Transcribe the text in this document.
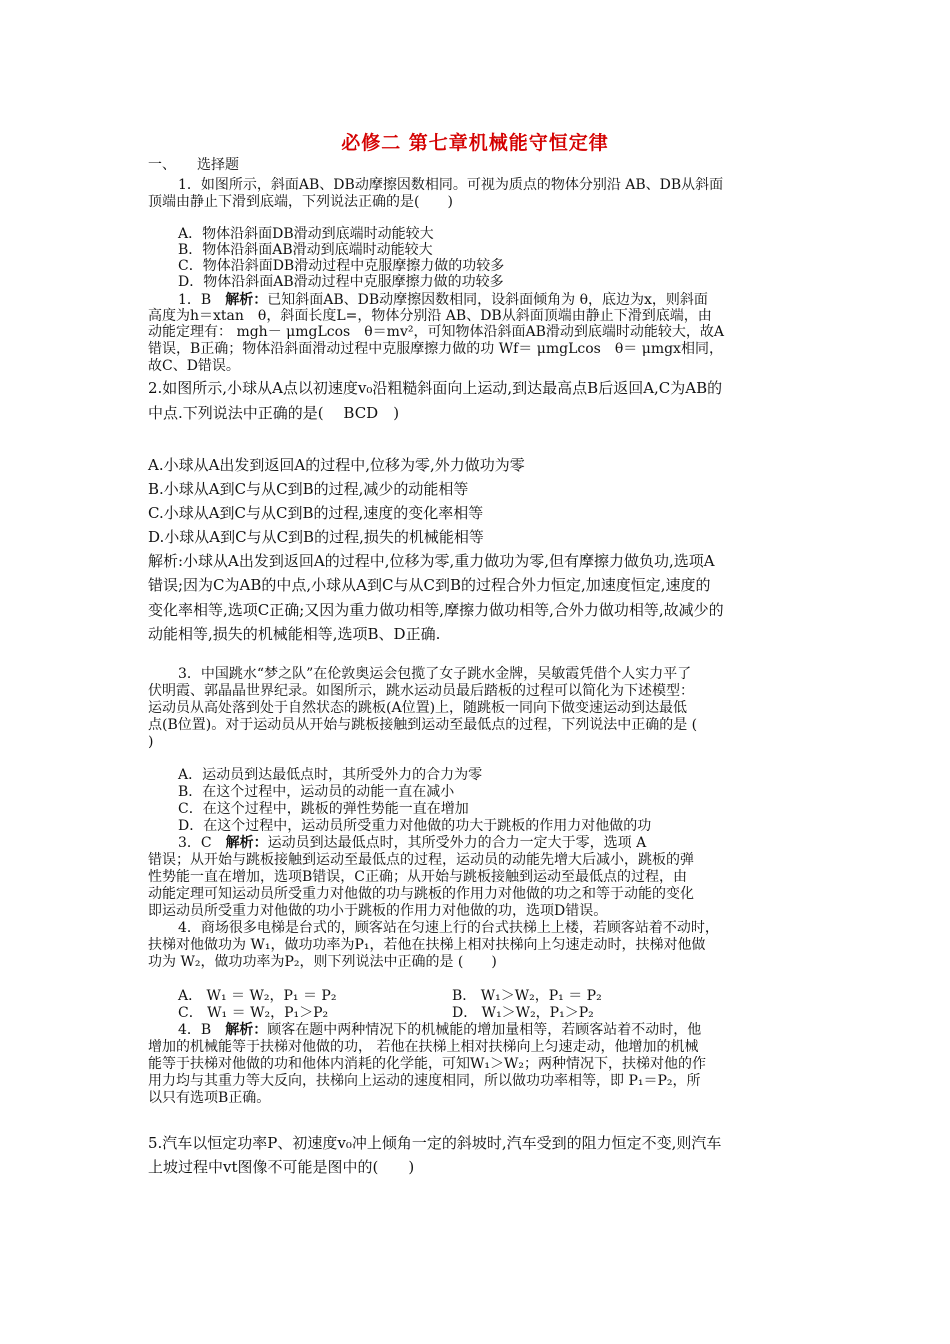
必修二 第七章机械能守恒定律
一、　　选择题
1．如图所示，斜面AB、DB动摩擦因数相同。可视为质点的物体分别沿 AB、DB从斜面
顶端由静止下滑到底端，下列说法正确的是(　　)
A．物体沿斜面DB滑动到底端时动能较大
B．物体沿斜面AB滑动到底端时动能较大
C．物体沿斜面DB滑动过程中克服摩擦力做的功较多
D．物体沿斜面AB滑动过程中克服摩擦力做的功较多
1．B　解析：已知斜面AB、DB动摩擦因数相同，设斜面倾角为 θ，底边为x，则斜面
高度为h＝xtan　θ，斜面长度L=，物体分别沿 AB、DB从斜面顶端由静止下滑到底端，由
动能定理有： mgh－ μmgLcos　θ＝mv²，可知物体沿斜面AB滑动到底端时动能较大，故A
错误，B正确；物体沿斜面滑动过程中克服摩擦力做的功 Wf＝ μmgLcos　θ＝ μmgx相同，
故C、D错误。
2.如图所示,小球从A点以初速度v₀沿粗糙斜面向上运动,到达最高点B后返回A,C为AB的
中点.下列说法中正确的是(　 BCD　)
A.小球从A出发到返回A的过程中,位移为零,外力做功为零
B.小球从A到C与从C到B的过程,减少的动能相等
C.小球从A到C与从C到B的过程,速度的变化率相等
D.小球从A到C与从C到B的过程,损失的机械能相等
解析:小球从A出发到返回A的过程中,位移为零,重力做功为零,但有摩擦力做负功,选项A
错误;因为C为AB的中点,小球从A到C与从C到B的过程合外力恒定,加速度恒定,速度的
变化率相等,选项C正确;又因为重力做功相等,摩擦力做功相等,合外力做功相等,故减少的
动能相等,损失的机械能相等,选项B、D正确.
3．中国跳水“梦之队”在伦敦奥运会包揽了女子跳水金牌，吴敏霞凭借个人实力平了
伏明霞、郭晶晶世界纪录。如图所示，跳水运动员最后踏板的过程可以简化为下述模型：
运动员从高处落到处于自然状态的跳板(A位置)上，随跳板一同向下做变速运动到达最低
点(B位置)。对于运动员从开始与跳板接触到运动至最低点的过程，下列说法中正确的是 (
)
A．运动员到达最低点时，其所受外力的合力为零
B．在这个过程中，运动员的动能一直在减小
C．在这个过程中，跳板的弹性势能一直在增加
D．在这个过程中，运动员所受重力对他做的功大于跳板的作用力对他做的功
3．C　解析：运动员到达最低点时，其所受外力的合力一定大于零，选项 A
错误；从开始与跳板接触到运动至最低点的过程，运动员的动能先增大后减小，跳板的弹
性势能一直在增加，选项B错误，C正确；从开始与跳板接触到运动至最低点的过程，由
动能定理可知运动员所受重力对他做的功与跳板的作用力对他做的功之和等于动能的变化
即运动员所受重力对他做的功小于跳板的作用力对他做的功，选项D错误。
4．商场很多电梯是台式的，顾客站在匀速上行的台式扶梯上上楼，若顾客站着不动时，
扶梯对他做功为 W₁，做功功率为P₁，若他在扶梯上相对扶梯向上匀速走动时，扶梯对他做
功为 W₂，做功功率为P₂，则下列说法中正确的是 (　　)
A． W₁ ＝ W₂，P₁ ＝ P₂	B． W₁＞W₂，P₁ ＝ P₂
C． W₁ ＝ W₂，P₁＞P₂	D． W₁＞W₂，P₁＞P₂
4．B　解析：顾客在题中两种情况下的机械能的增加量相等，若顾客站着不动时，他
增加的机械能等于扶梯对他做的功， 若他在扶梯上相对扶梯向上匀速走动，他增加的机械
能等于扶梯对他做的功和他体内消耗的化学能，可知W₁＞W₂；两种情况下，扶梯对他的作
用力均与其重力等大反向，扶梯向上运动的速度相同，所以做功功率相等，即 P₁＝P₂，所
以只有选项B正确。
5.汽车以恒定功率P、初速度v₀冲上倾角一定的斜坡时,汽车受到的阻力恒定不变,则汽车
上坡过程中vt图像不可能是图中的(　　)
